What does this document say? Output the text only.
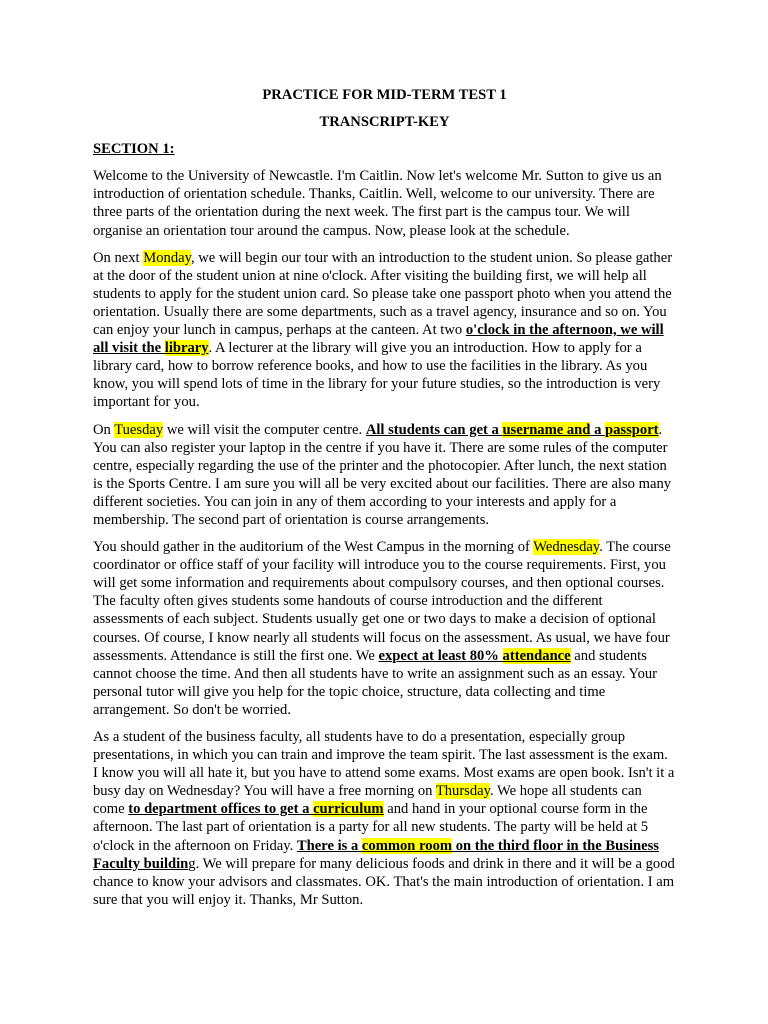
PRACTICE FOR MID-TERM TEST 1
TRANSCRIPT-KEY
SECTION 1:

Welcome to the University of Newcastle. I'm Caitlin. Now let's welcome Mr. Sutton to give us an introduction of orientation schedule. Thanks, Caitlin. Well, welcome to our university. There are three parts of the orientation during the next week. The first part is the campus tour. We will organise an orientation tour around the campus. Now, please look at the schedule.

On next Monday, we will begin our tour with an introduction to the student union. So please gather at the door of the student union at nine o'clock. After visiting the building first, we will help all students to apply for the student union card. So please take one passport photo when you attend the orientation. Usually there are some departments, such as a travel agency, insurance and so on. You can enjoy your lunch in campus, perhaps at the canteen. At two o'clock in the afternoon, we will all visit the library. A lecturer at the library will give you an introduction. How to apply for a library card, how to borrow reference books, and how to use the facilities in the library. As you know, you will spend lots of time in the library for your future studies, so the introduction is very important for you.

On Tuesday we will visit the computer centre. All students can get a username and a passport. You can also register your laptop in the centre if you have it. There are some rules of the computer centre, especially regarding the use of the printer and the photocopier. After lunch, the next station is the Sports Centre. I am sure you will all be very excited about our facilities. There are also many different societies. You can join in any of them according to your interests and apply for a membership. The second part of orientation is course arrangements.

You should gather in the auditorium of the West Campus in the morning of Wednesday. The course coordinator or office staff of your facility will introduce you to the course requirements. First, you will get some information and requirements about compulsory courses, and then optional courses. The faculty often gives students some handouts of course introduction and the different assessments of each subject. Students usually get one or two days to make a decision of optional courses. Of course, I know nearly all students will focus on the assessment. As usual, we have four assessments. Attendance is still the first one. We expect at least 80% attendance and students cannot choose the time. And then all students have to write an assignment such as an essay. Your personal tutor will give you help for the topic choice, structure, data collecting and time arrangement. So don't be worried.

As a student of the business faculty, all students have to do a presentation, especially group presentations, in which you can train and improve the team spirit. The last assessment is the exam. I know you will all hate it, but you have to attend some exams. Most exams are open book. Isn't it a busy day on Wednesday? You will have a free morning on Thursday. We hope all students can come to department offices to get a curriculum and hand in your optional course form in the afternoon. The last part of orientation is a party for all new students. The party will be held at 5 o'clock in the afternoon on Friday. There is a common room on the third floor in the Business Faculty building. We will prepare for many delicious foods and drink in there and it will be a good chance to know your advisors and classmates. OK. That's the main introduction of orientation. I am sure that you will enjoy it. Thanks, Mr Sutton.
